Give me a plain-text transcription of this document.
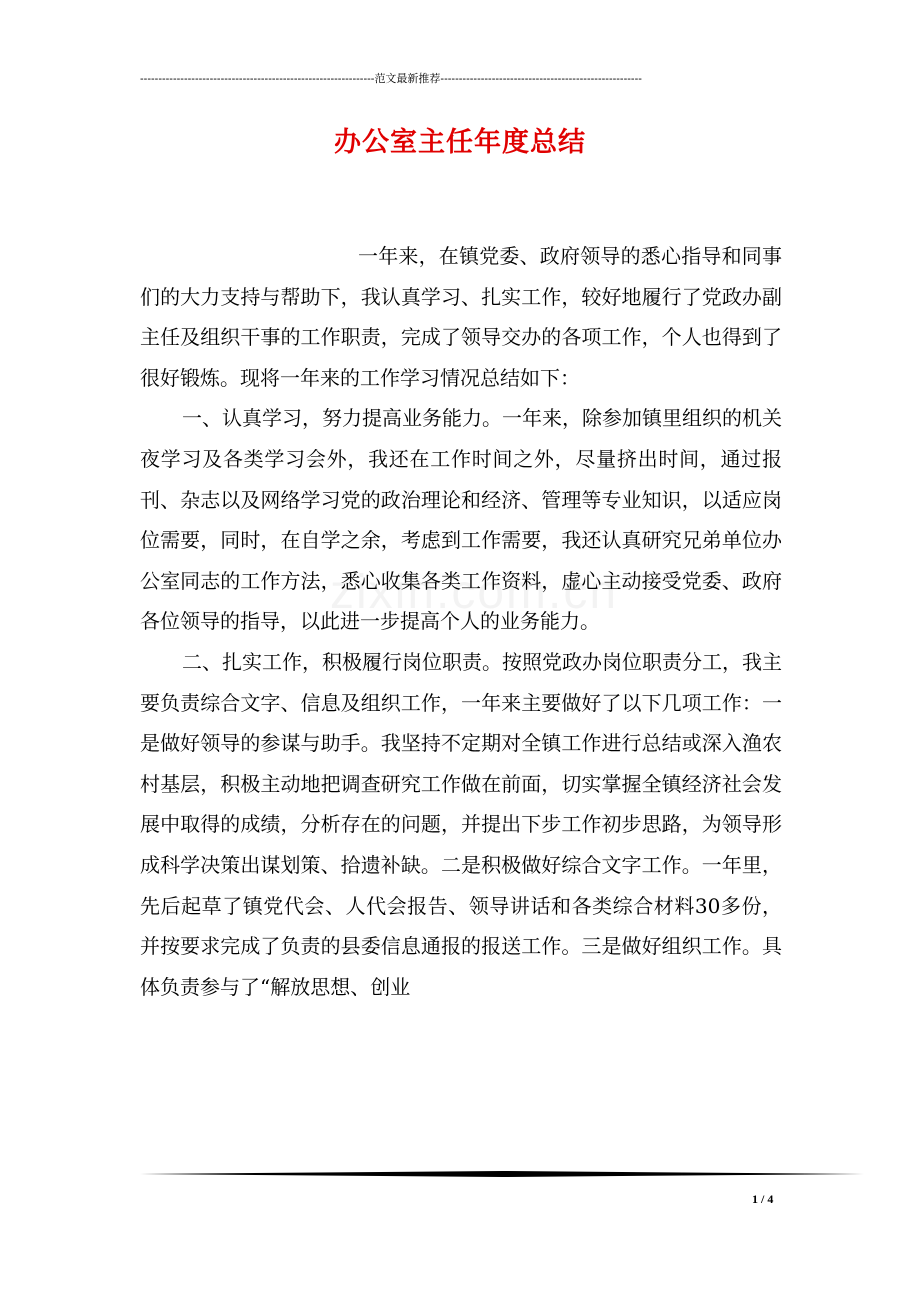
----------------------------------------------------------------范文最新推荐-------------------------------------------------------
办公室主任年度总结

一年来，在镇党委、政府领导的悉心指导和同事们的大力支持与帮助下，我认真学习、扎实工作，较好地履行了党政办副主任及组织干事的工作职责，完成了领导交办的各项工作，个人也得到了很好锻炼。现将一年来的工作学习情况总结如下：

一、认真学习，努力提高业务能力。一年来，除参加镇里组织的机关夜学习及各类学习会外，我还在工作时间之外，尽量挤出时间，通过报刊、杂志以及网络学习党的政治理论和经济、管理等专业知识，以适应岗位需要，同时，在自学之余，考虑到工作需要，我还认真研究兄弟单位办公室同志的工作方法，悉心收集各类工作资料，虚心主动接受党委、政府各位领导的指导，以此进一步提高个人的业务能力。

二、扎实工作，积极履行岗位职责。按照党政办岗位职责分工，我主要负责综合文字、信息及组织工作，一年来主要做好了以下几项工作：一是做好领导的参谋与助手。我坚持不定期对全镇工作进行总结或深入渔农村基层，积极主动地把调查研究工作做在前面，切实掌握全镇经济社会发展中取得的成绩，分析存在的问题，并提出下步工作初步思路，为领导形成科学决策出谋划策、拾遗补缺。二是积极做好综合文字工作。一年里，先后起草了镇党代会、人代会报告、领导讲话和各类综合材料30多份，并按要求完成了负责的县委信息通报的报送工作。三是做好组织工作。具体负责参与了“解放思想、创业

1 / 4
